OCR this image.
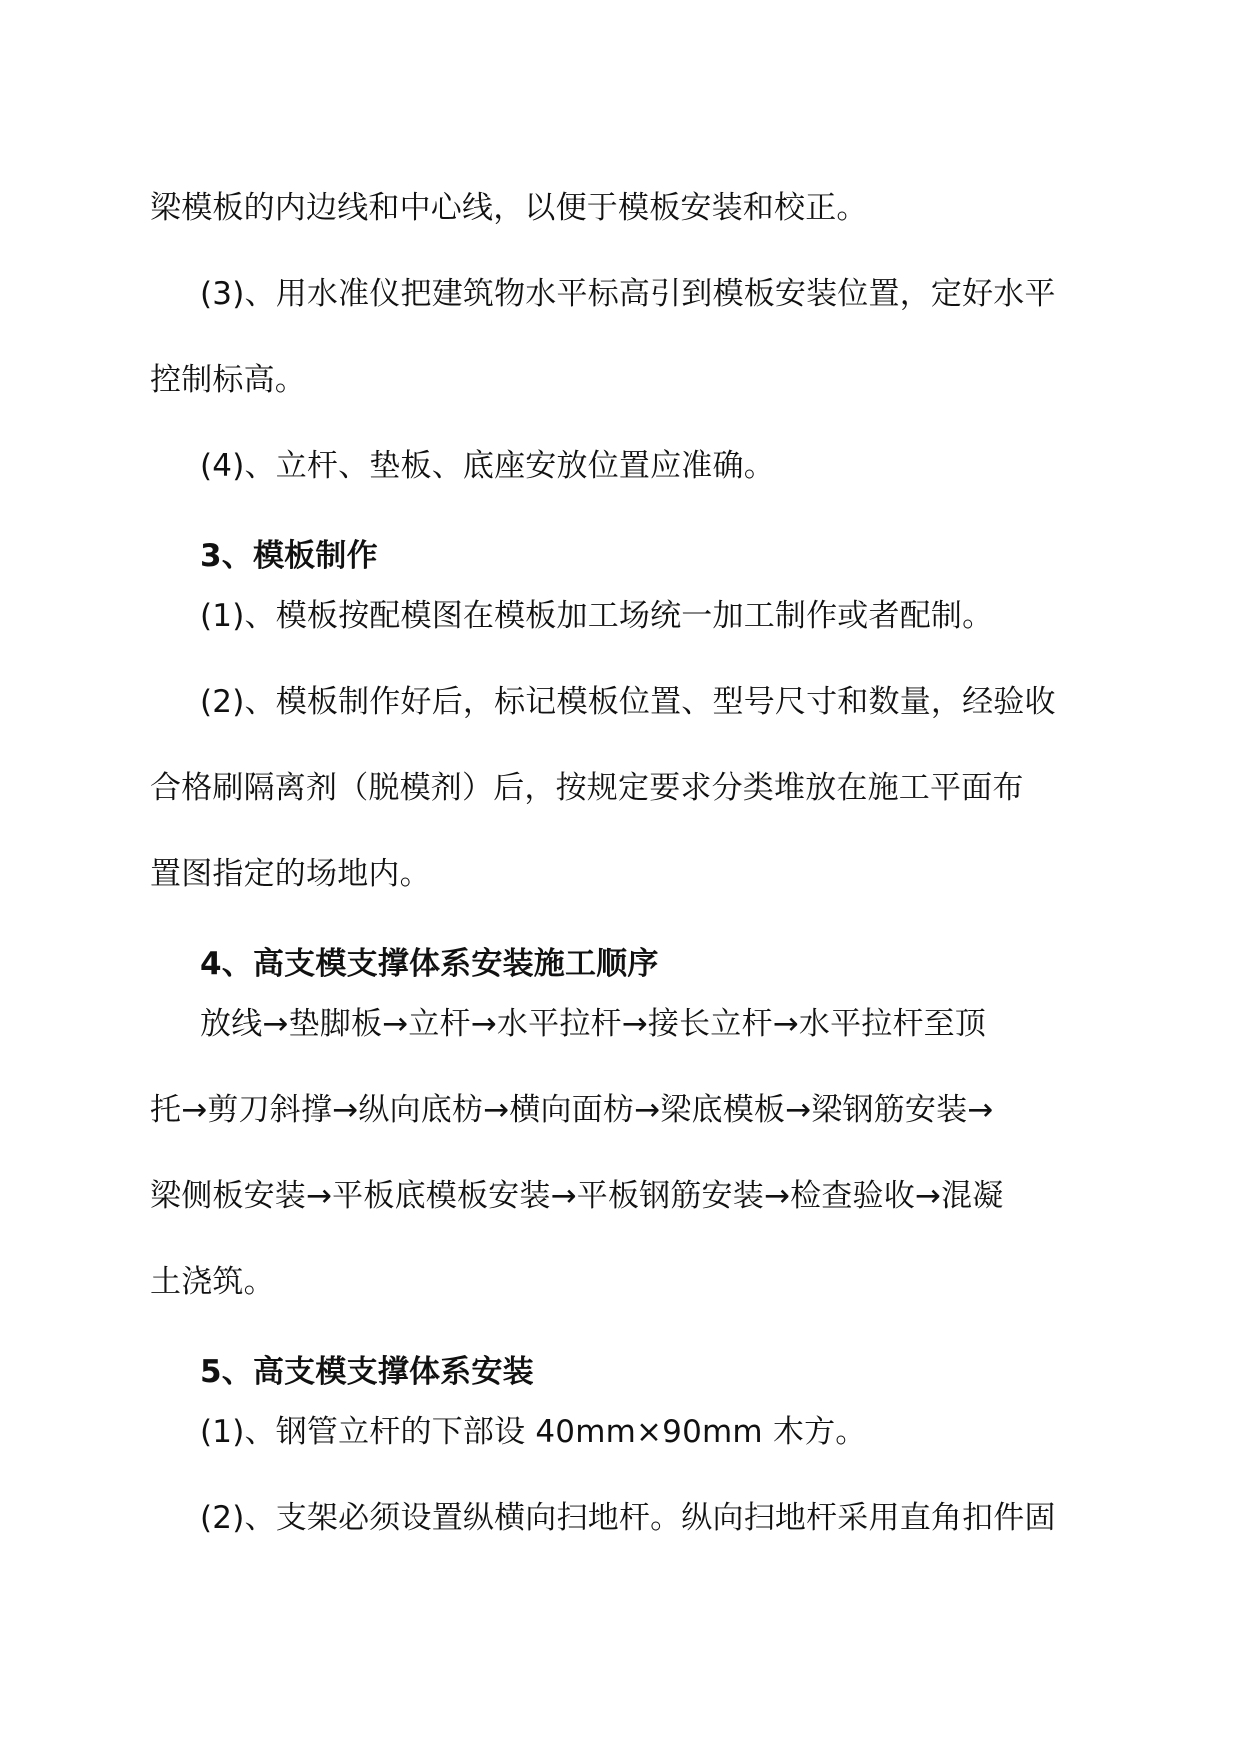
梁模板的内边线和中心线，以便于模板安装和校正。
(3)、用水准仪把建筑物水平标高引到模板安装位置，定好水平
控制标高。
(4)、立杆、垫板、底座安放位置应准确。
3、模板制作
(1)、模板按配模图在模板加工场统一加工制作或者配制。
(2)、模板制作好后，标记模板位置、型号尺寸和数量，经验收
合格刷隔离剂（脱模剂）后，按规定要求分类堆放在施工平面布
置图指定的场地内。
4、高支模支撑体系安装施工顺序
放线→垫脚板→立杆→水平拉杆→接长立杆→水平拉杆至顶
托→剪刀斜撑→纵向底枋→横向面枋→梁底模板→梁钢筋安装→
梁侧板安装→平板底模板安装→平板钢筋安装→检查验收→混凝
土浇筑。
5、高支模支撑体系安装
(1)、钢管立杆的下部设 40mm×90mm 木方。
(2)、支架必须设置纵横向扫地杆。纵向扫地杆采用直角扣件固
